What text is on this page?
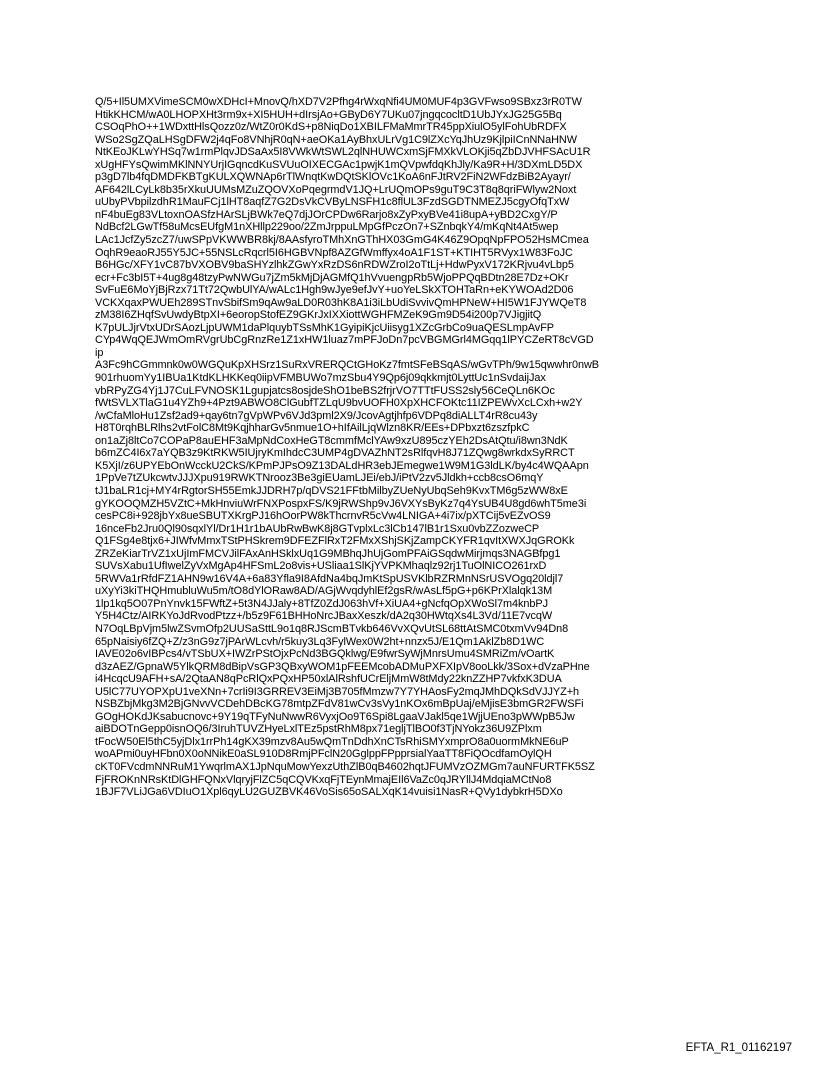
Q/5+Il5UMXVimeSCM0wXDHcI+MnovQ/hXD7V2Pfhg4rWxqNfi4UM0MUF4p3GVFwso9SBxz3rR0TW
HtikKHCM/wA0LHOPXHt3rm9x+XI5HUH+dIrsjAo+GByD6Y7UKu07jngqcocltD1UbJYxJG25G5Bq
CSOqPhO++1WDxttHlsQozz0z/WtZ0r0KdS+p8NiqDo1XBILFMaMmrTR45ppXiulO5ylFohUbRDFX
WSo2SgZQaLHSgDFW2j4qFo8VNhjR0qN+aeOKa1AyBhxULrVg1C9lZXcYqJhUz9KjlpiICnNNaHNW
NtKEoJKLwYHSq7w1rmPlqvJDSaAx5I8VWkWtSWL2qlNHUWCxmSjFMXkVLOKji5qZbDJVHFSAcU1R
xUgHFYsQwimMKlNNYUrjIGqncdKuSVUuOIXECGAc1pwjK1mQVpwfdqKhJly/Ka9R+H/3DXmLD5DX
p3gD7lb4fqDMDFKBTgKULXQWNAp6rTlWnqtKwDQtSKlOVc1KoA6nFJtRV2FiN2WFdzBiB2Ayayr/
AF642lLCyLk8b35rXkuUUMsMZuZQOVXoPqegrmdV1JQ+LrUQmOPs9guT9C3T8q8qriFWlyw2Noxt
uUbyPVbpilzdhR1MauFCj1lHT8aqfZ7G2DsVkCVByLNSFH1c8flUL3FzdSGDTNMEZJ5cgyOfqTxW
nF4buEg83VLtoxnOASfzHArSLjBWk7eQ7djJOrCPDw6Rarjo8xZyPxyBVe41i8upA+yBD2CxgY/P
NdBcf2LGwTf58uMcsEUfgM1nXHllp229oo/2ZmJrppuLMpGfPczOn7+SZnbqkY4/mKqNt4At5wep
LAc1JcfZy5zcZ7/uwSPpVKWWBR8kj/8AAsfyroTMhXnGThHX03GmG4K46Z9OpqNpFPO52HsMCmea
OqhR9eaoRJ55Y5JC+55NSLcRqcrl5I6HGBVNpf8AZGfWmffyx4oA1F1ST+KTIHT5RVyx1W83FoJC
B6HGc/XFY1vC87bVXOBV9baSHYzlhkZGwYxRzDS6nRDWZroI2oTtLj+HdwPyxV172KRjvu4vLbp5
ecr+Fc3bI5T+4ug8g48tzyPwNWGu7jZm5kMjDjAGMfQ1hVvuengpRb5WjoPPQqBDtn28E7Dz+OKr
SvFuE6MoYjBjRzx71Tt72QwbUlYA/wALc1Hgh9wJye9efJvY+uoYeLSkXTOHTaRn+eKYWOAd2D06
VCKXqaxPWUEh289STnvSbifSm9qAw9aLD0R03hK8A1i3iLbUdiSvvivQmHPNeW+HI5W1FJYWQeT8
zM38I6ZHqfSvUwdyBtpXI+6eoropStofEZ9GKrJxIXXiottWGHFMZeK9Gm9D54i200p7VJigjitQ
K7pULJjrVtxUDrSAozLjpUWM1daPlquybTSsMhK1GyipiKjcUiisyg1XZcGrbCo9uaQESLmpAvFP
CYp4WqQEJWmOmRVgrUbCgRnzRe1Z1xHW1luaz7mPFJoDn7pcVBGMGrl4MGqq1lPYCZeRT8cVGD
ip
A3Fc9hCGmmnk0w0WGQuKpXHSrz1SuRxVRERQCtGHoKz7fmtSFeBSqAS/wGvTPh/9w15qwwhr0nwB
901rhuomYy1IBUa1KtdKLHKKeq0iipVFMBUWo7mzSbu4Y9Qp6j09qkkmjt0LyttUc1nSvdaijJax
vbRPyZG4Yj1J7CuLFVNOSK1Lgupjatcs8osjdeShO1beBS2frjrVO7TTtFUSS2sly56CeQLn6KOc
fWtSVLXTlaG1u4YZh9+4Pzt9ABWO8ClGubfTZLqU9bvUOFH0XpXHCFOKtc11IZPEWvXcLCxh+w2Y
/wCfaMloHu1Zsf2ad9+qay6tn7gVpWPv6VJd3pml2X9/JcovAgtjhfp6VDPq8diALLT4rR8cu43y
H8T0rqhBLRlhs2vtFolC8Mt9KqjhharGv5nmue1O+hIfAilLjqWlzn8KR/EEs+DPbxzt6zszfpkC
on1aZj8ltCo7COPaP8auEHF3aMpNdCoxHeGT8cmmfMclYAw9xzU895czYEh2DsAtQtu/i8wn3NdK
b6mZC4I6x7aYQB3z9KtRKW5IUjryKmIhdcC3UMP4gDVAZhNT2sRlfqvH8J71ZQwg8wrkdxSyRRCT
K5XjI/z6UPYEbOnWcckU2CkS/KPmPJPsO9Z13DALdHR3ebJEmegwe1W9M1G3ldLK/by4c4WQAApn
1PpVe7tZUkcwtvJJJXpu919RWKTNrooz3Be3giEUamLJEi/ebJ/iPtV2zv5Jldkh+ccb8csO6mqY
tJ1baLR1cj+MY4rRgtorSH55EmkJJDRH7p/qDVS21FFtbMilbyZUeNyUbqSeh9KvxTM6g5zWW8xE
gYKOOQMZH5VZtC+MkHnviuWrFNXPospxFS/K9jRWShp9vJ6VXYsByKz7q4YsUB4U8gd6whT5me3i
cesPC8i+928jbYx8ueSBUTXKrgPJ16hOorPW8kThcrnvR5cVw4LNIGA+4i7ix/pXTCij5vEZvOS9
16nceFb2Jru0Ql90sqxlYl/Dr1H1r1bAUbRwBwK8j8GTvplxLc3lCb147lB1r1Sxu0vbZZozweCP
Q1FSg4e8tjx6+JIWfvMmxTStPHSkrem9DFEZFlRxT2FMxXShjSKjZampCKYFR1qvItXWXJqGROKk
ZRZeKiarTrVZ1xUjImFMCVJilFAxAnHSklxUq1G9MBhqJhUjGomPFAiGSqdwMirjmqs3NAGBfpg1
SUVsXabu1UfIwelZyVxMgAp4HFSmL2o8vis+USliaa1SlKjYVPKMhaqlz92rj1TuOlNICO261rxD
5RWVa1rRfdFZ1AHN9w16V4A+6a83Yfla9I8AfdNa4bqJmKtSpUSVKlbRZRMnNSrUSVOgq20ldjl7
uXyYi3kiTHQHmubluWu5m/tO8dYlORaw8AD/AGjWvqdyhlEf2gsR/wAsLf5pG+p6KPrXlalqk13M
1lp1kq5O07PnYnvk15FWftZ+5t3N4JJaly+8TfZ0ZdJ063hVf+XiUA4+gNcfqOpXWoSl7m4knbPJ
Y5H4Ctz/AIRKYoJdRvodPtzz+/b5z9F61BHHoNrcJBaxXeszk/dA2q30HWtqXs4L3Vd/11E7vcqW
N7OqLBpVjm5lwZSvmOfp2UUSaSttL9o1q8RJScmBTvkb646VvXQvUtSL68ttAtSMC0txmVv94Dn8
65pNaisiy6fZQ+Z/z3nG9z7jPArWLcvh/r5kuy3Lq3FylWex0W2ht+nnzx5J/E1Qm1AklZb8D1WC
IAVE02o6vIBPcs4/vTSbUX+IWZrPStOjxPcNd3BGQklwg/E9fwrSyWjMnrsUmu4SMRiZm/vOartK
d3zAEZ/GpnaW5YlkQRM8dBipVsGP3QBxyWOM1pFEEMcobADMuPXFXIpV8ooLkk/3Sox+dVzaPHne
i4HcqcU9AFH+sA/2QtaAN8qPcRlQxPQxHP50xlAlRshfUCrEljMmW8tMdy22knZZHP7vkfxK3DUA
U5lC77UYOPXpU1veXNn+7crIi9I3GRREV3EiMj3B705fMmzw7Y7YHAosFy2mqJMhDQkSdVJJYZ+h
NSBZbjMkg3M2BjGNvvVCDehDBcKG78mtpZFdV81wCv3sVy1nKOx6mBpUaj/eMjisE3bmGR2FWSFi
GOgHOKdJKsabucnovc+9Y19qTFyNuNwwR6VyxjOo9T6Spi8LgaaVJakl5qe1WjjUEno3pWWpB5Jw
aiBDOTnGepp0isnOQ6/3IruhTUVZHyeLxlTEz5pstRhM8px71egljTlBO0f3TjNYokz36U9ZPlxm
tFocW50El5thC5yjDlx1rrPh14gKX39mzv8Au5wQmTnDdhXnCTsRhiSMYxmprO8a0uormMkNE6uP
woAPmi0uyHFbn0X0oNNikE0aSL910D8RmjPFclN20GglppFPpprsialYaaTT8FiQOcdfamOylQH
cKT0FVcdmNNRuM1YwqrlmAX1JpNquMowYexzUthZlB0qB4602hqtJFUMVzOZMGm7auNFURTFK5SZ
FjFROKnNRsKtDlGHFQNxVlqryjFlZC5qCQVKxqFjTEynMmajEIl6VaZc0qJRYllJ4MdqiaMCtNo8
1BJF7VLiJGa6VDIuO1Xpl6qyLU2GUZBVK46VoSis65oSALXqK14vuisi1NasR+QVy1dybkrH5DXo
EFTA_R1_01162197
